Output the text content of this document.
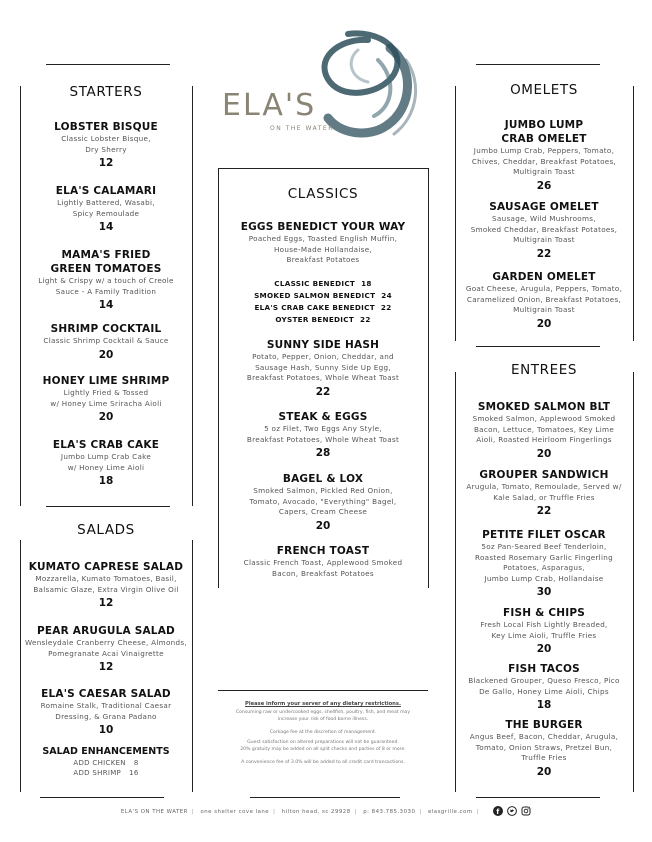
ELA'S
ON THE WATER
STARTERS
LOBSTER BISQUE
Classic Lobster Bisque,
Dry Sherry
12
ELA'S CALAMARI
Lightly Battered, Wasabi,
Spicy Remoulade
14
MAMA'S FRIED
GREEN TOMATOES
Light & Crispy w/ a touch of Creole
Sauce - A Family Tradition
14
SHRIMP COCKTAIL
Classic Shrimp Cocktail & Sauce
20
HONEY LIME SHRIMP
Lightly Fried & Tossed
w/ Honey Lime Sriracha Aioli
20
ELA'S CRAB CAKE
Jumbo Lump Crab Cake
w/ Honey Lime Aioli
18
SALADS
KUMATO CAPRESE SALAD
Mozzarella, Kumato Tomatoes, Basil,
Balsamic Glaze, Extra Virgin Olive Oil
12
PEAR ARUGULA SALAD
Wensleydale Cranberry Cheese, Almonds,
Pomegranate Acai Vinaigrette
12
ELA'S CAESAR SALAD
Romaine Stalk, Traditional Caesar
Dressing, & Grana Padano
10
SALAD ENHANCEMENTS
ADD CHICKEN 8
ADD SHRIMP 16
CLASSICS
EGGS BENEDICT YOUR WAY
Poached Eggs, Toasted English Muffin,
House-Made Hollandaise,
Breakfast Potatoes
CLASSIC BENEDICT 18
SMOKED SALMON BENEDICT 24
ELA'S CRAB CAKE BENEDICT 22
OYSTER BENEDICT 22
SUNNY SIDE HASH
Potato, Pepper, Onion, Cheddar, and
Sausage Hash, Sunny Side Up Egg,
Breakfast Potatoes, Whole Wheat Toast
22
STEAK & EGGS
5 oz Filet, Two Eggs Any Style,
Breakfast Potatoes, Whole Wheat Toast
28
BAGEL & LOX
Smoked Salmon, Pickled Red Onion,
Tomato, Avocado, "Everything" Bagel,
Capers, Cream Cheese
20
FRENCH TOAST
Classic French Toast, Applewood Smoked
Bacon, Breakfast Potatoes
Please inform your server of any dietary restrictions.
Consuming raw or undercooked eggs, shellfish, poultry, fish, and meat may
increase your risk of food borne illness.
Corkage fee at the discretion of management.
Guest satisfaction on altered preparations will not be guaranteed.
20% gratuity may be added on all split checks and parties of 8 or more.
A convenience fee of 3.0% will be added to all credit card transactions.
OMELETS
JUMBO LUMP
CRAB OMELET
Jumbo Lump Crab, Peppers, Tomato,
Chives, Cheddar, Breakfast Potatoes,
Multigrain Toast
26
SAUSAGE OMELET
Sausage, Wild Mushrooms,
Smoked Cheddar, Breakfast Potatoes,
Multigrain Toast
22
GARDEN OMELET
Goat Cheese, Arugula, Peppers, Tomato,
Caramelized Onion, Breakfast Potatoes,
Multigrain Toast
20
ENTREES
SMOKED SALMON BLT
Smoked Salmon, Applewood Smoked
Bacon, Lettuce, Tomatoes, Key Lime
Aioli, Roasted Heirloom Fingerlings
20
GROUPER SANDWICH
Arugula, Tomato, Remoulade, Served w/
Kale Salad, or Truffle Fries
22
PETITE FILET OSCAR
5oz Pan-Seared Beef Tenderloin,
Roasted Rosemary Garlic Fingerling
Potatoes, Asparagus,
Jumbo Lump Crab, Hollandaise
30
FISH & CHIPS
Fresh Local Fish Lightly Breaded,
Key Lime Aioli, Truffle Fries
20
FISH TACOS
Blackened Grouper, Queso Fresco, Pico
De Gallo, Honey Lime Aioli, Chips
18
THE BURGER
Angus Beef, Bacon, Cheddar, Arugula,
Tomato, Onion Straws, Pretzel Bun,
Truffle Fries
20
ELA'S ON THE WATER | one shelter cove lane | hilton head, sc 29928 | p: 843.785.3030 | elasgrille.com | f
